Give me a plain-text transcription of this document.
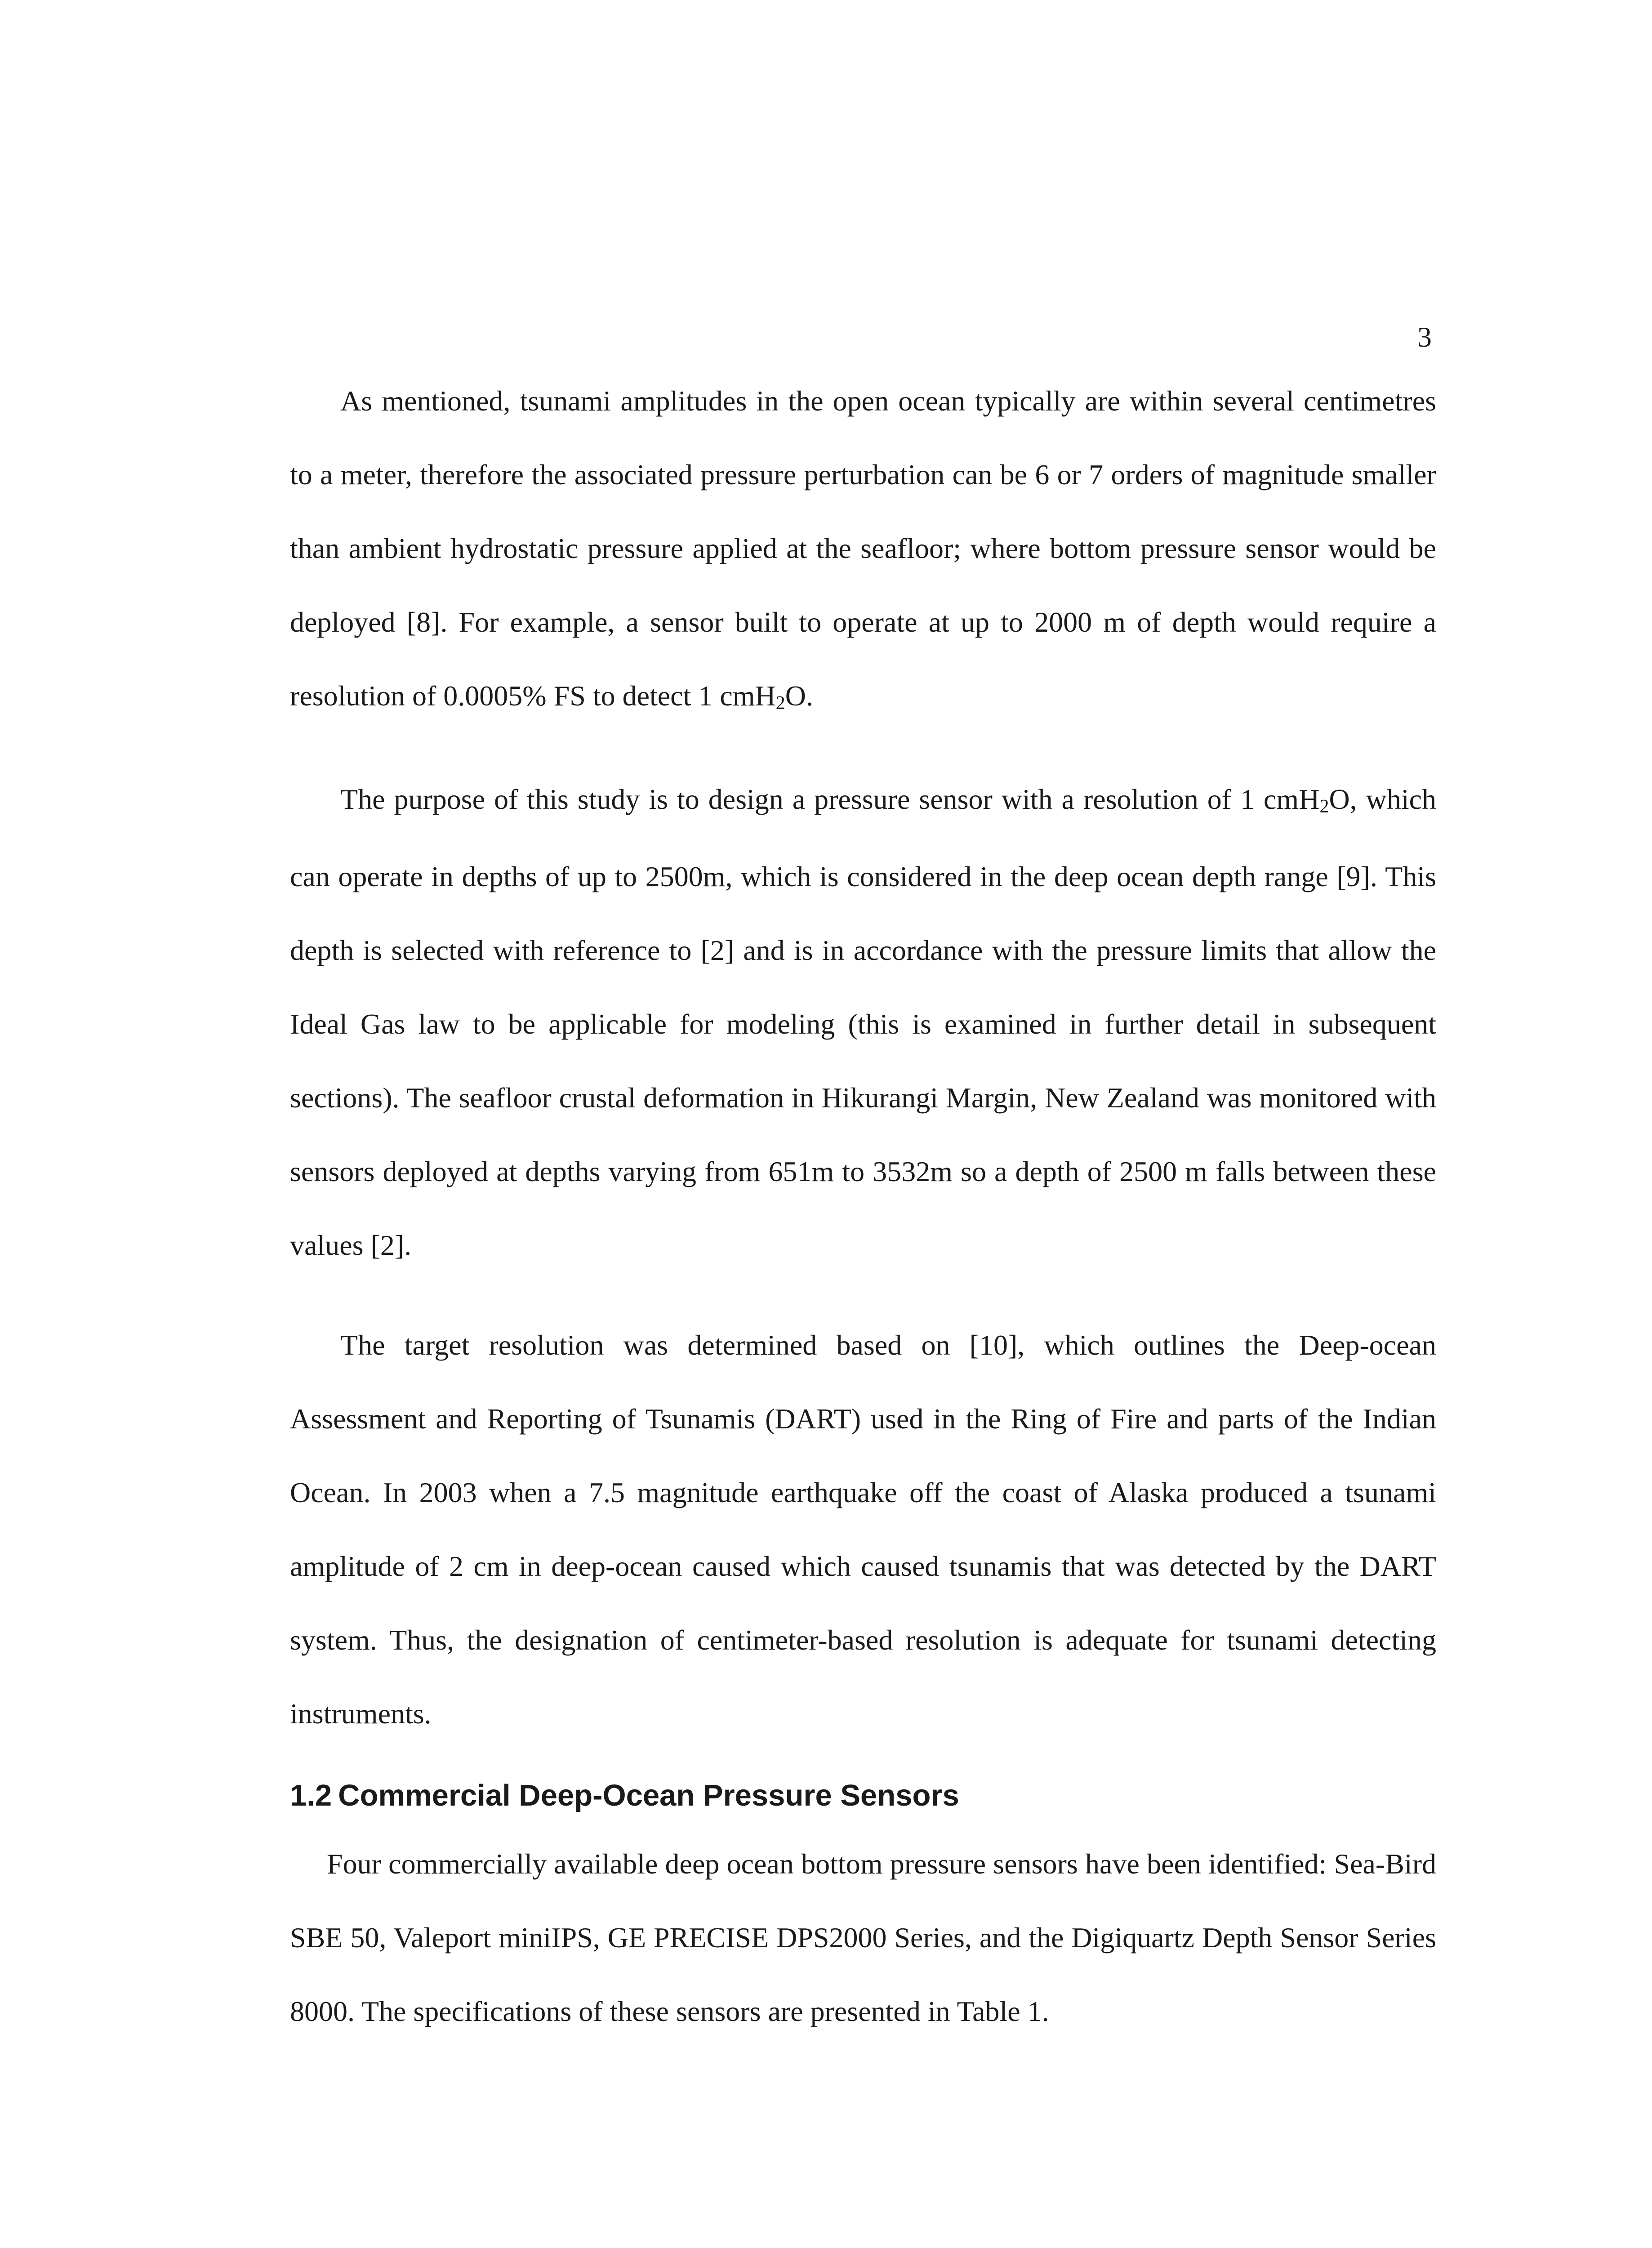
3

As mentioned, tsunami amplitudes in the open ocean typically are within several centimetres to a meter, therefore the associated pressure perturbation can be 6 or 7 orders of magnitude smaller than ambient hydrostatic pressure applied at the seafloor; where bottom pressure sensor would be deployed [8]. For example, a sensor built to operate at up to 2000 m of depth would require a resolution of 0.0005% FS to detect 1 cmH$_2$O.

The purpose of this study is to design a pressure sensor with a resolution of 1 cmH$_2$O, which can operate in depths of up to 2500m, which is considered in the deep ocean depth range [9]. This depth is selected with reference to [2] and is in accordance with the pressure limits that allow the Ideal Gas law to be applicable for modeling (this is examined in further detail in subsequent sections). The seafloor crustal deformation in Hikurangi Margin, New Zealand was monitored with sensors deployed at depths varying from 651m to 3532m so a depth of 2500 m falls between these values [2].

The target resolution was determined based on [10], which outlines the Deep-ocean Assessment and Reporting of Tsunamis (DART) used in the Ring of Fire and parts of the Indian Ocean. In 2003 when a 7.5 magnitude earthquake off the coast of Alaska produced a tsunami amplitude of 2 cm in deep-ocean caused which caused tsunamis that was detected by the DART system. Thus, the designation of centimeter-based resolution is adequate for tsunami detecting instruments.

1.2 Commercial Deep-Ocean Pressure Sensors

Four commercially available deep ocean bottom pressure sensors have been identified: Sea-Bird SBE 50, Valeport miniIPS, GE PRECISE DPS2000 Series, and the Digiquartz Depth Sensor Series 8000. The specifications of these sensors are presented in Table 1.
